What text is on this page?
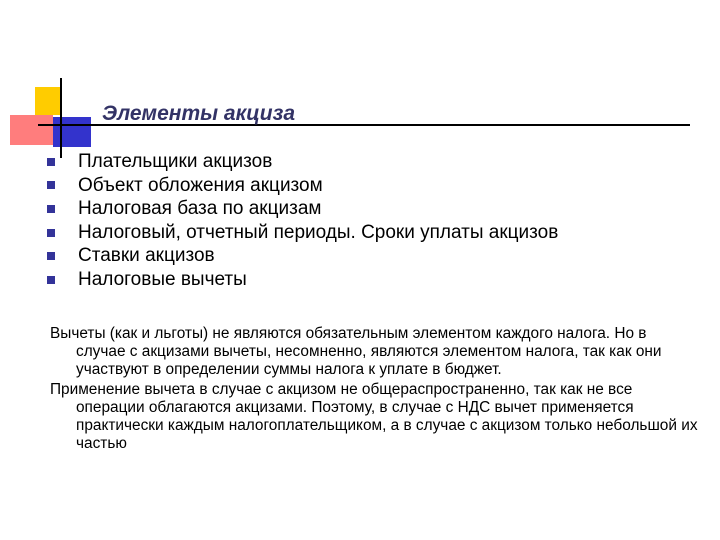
Элементы акциза
Плательщики акцизов
Объект обложения акцизом
Налоговая база по акцизам
Налоговый, отчетный периоды. Сроки уплаты акцизов
Ставки акцизов
Налоговые вычеты

Вычеты (как и льготы) не являются обязательным элементом каждого налога. Но в случае с акцизами вычеты, несомненно, являются элементом налога, так как они участвуют в определении суммы налога к уплате в бюджет.

Применение вычета в случае с акцизом не общераспространенно, так как не все операции облагаются акцизами. Поэтому, в случае с НДС вычет применяется практически каждым налогоплательщиком, а в случае с акцизом только небольшой их частью
